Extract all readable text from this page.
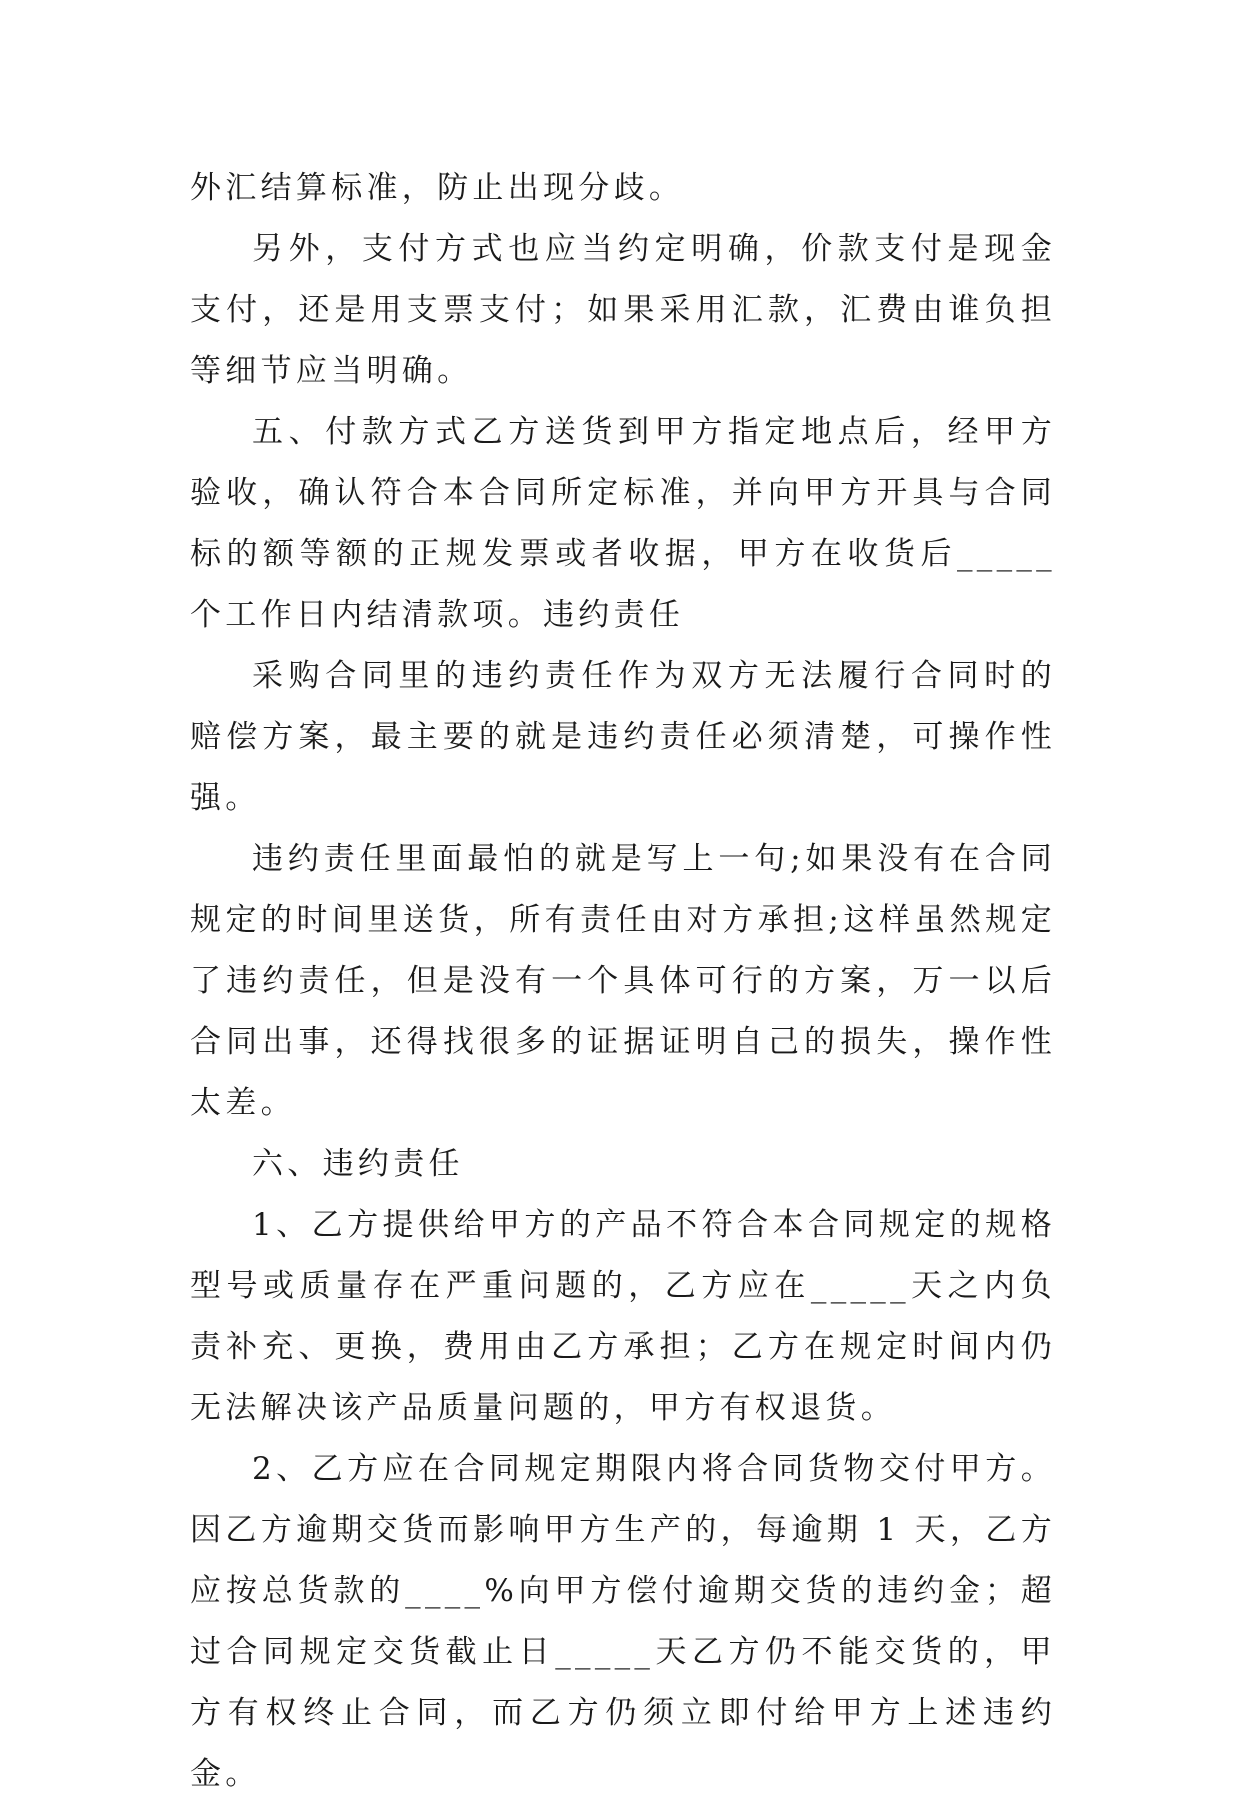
外汇结算标准，防止出现分歧。

另外，支付方式也应当约定明确，价款支付是现金支付，还是用支票支付；如果采用汇款，汇费由谁负担等细节应当明确。

五、付款方式乙方送货到甲方指定地点后，经甲方验收，确认符合本合同所定标准，并向甲方开具与合同标的额等额的正规发票或者收据，甲方在收货后_____个工作日内结清款项。违约责任

采购合同里的违约责任作为双方无法履行合同时的赔偿方案，最主要的就是违约责任必须清楚，可操作性强。

违约责任里面最怕的就是写上一句;如果没有在合同规定的时间里送货，所有责任由对方承担;这样虽然规定了违约责任，但是没有一个具体可行的方案，万一以后合同出事，还得找很多的证据证明自己的损失，操作性太差。

六、违约责任

1、乙方提供给甲方的产品不符合本合同规定的规格型号或质量存在严重问题的，乙方应在_____天之内负责补充、更换，费用由乙方承担；乙方在规定时间内仍无法解决该产品质量问题的，甲方有权退货。

2、乙方应在合同规定期限内将合同货物交付甲方。因乙方逾期交货而影响甲方生产的，每逾期 1 天，乙方应按总货款的____%向甲方偿付逾期交货的违约金；超过合同规定交货截止日_____天乙方仍不能交货的，甲方有权终止合同，而乙方仍须立即付给甲方上述违约金。
